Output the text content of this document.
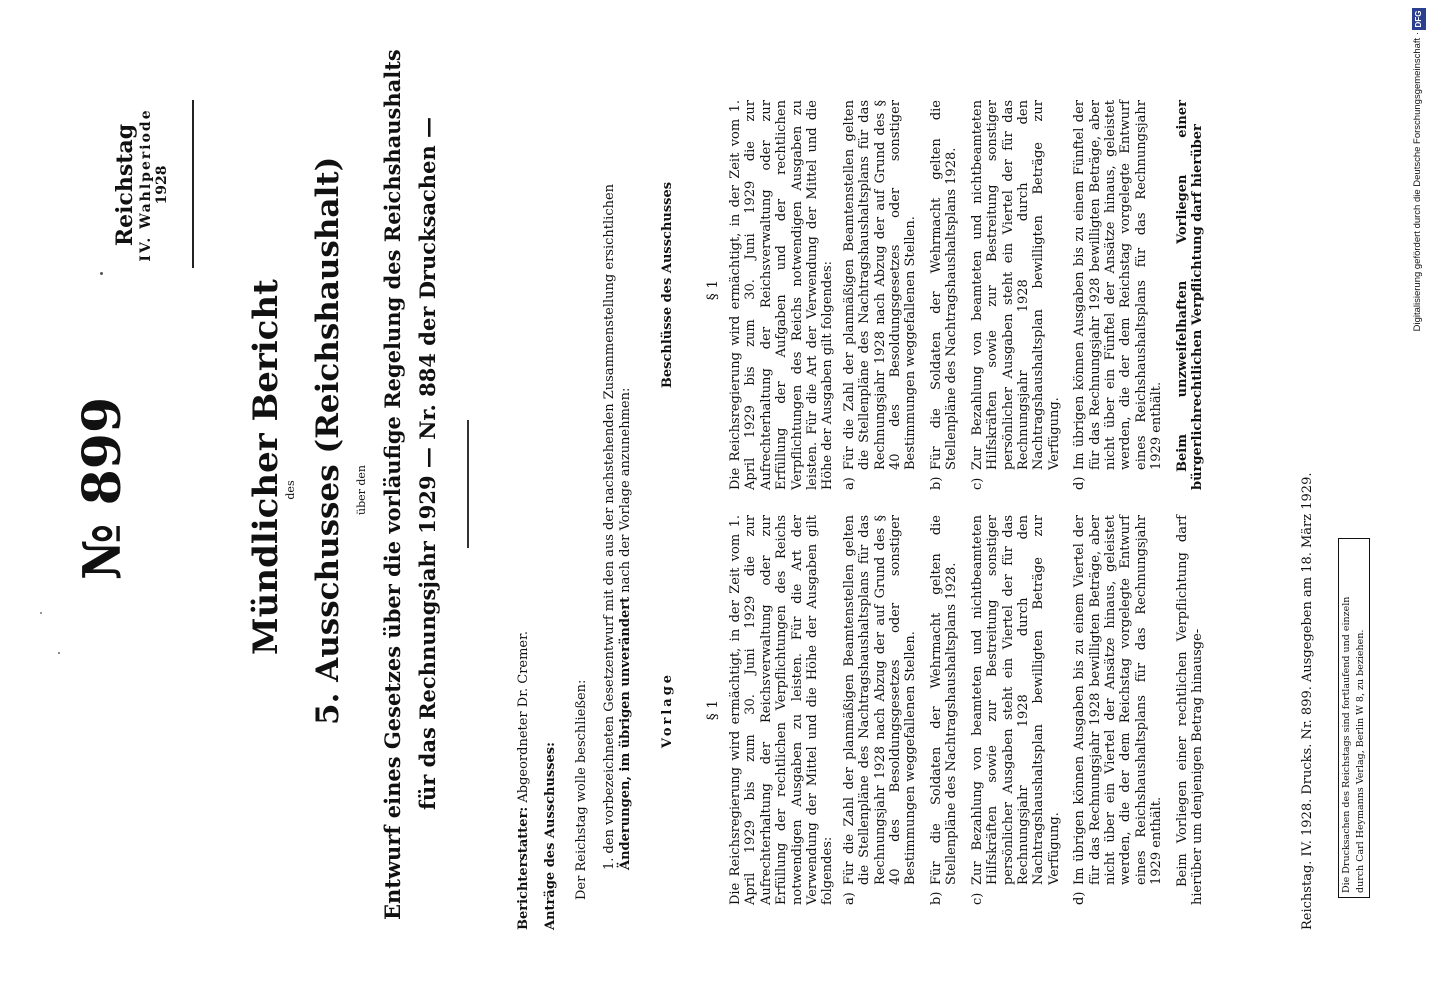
Reichstag IV. Wahlperiode 1928
№ 899	Mündlicher Bericht
des 5. Ausschusses (Reichshaushalt) über den Entwurf eines Gesetzes über die vorläufige Regelung des Reichshaushalts für das Rechnungsjahr 1929 — Nr. 884 der Drucksachen —
Berichterstatter: Abgeordneter Dr. Cremer.
Anträge des Ausschusses: Der Reichstag wolle beschließen: 1. den vorbezeichneten Gesetzentwurf mit den aus der nachstehenden Zusammenstellung ersichtlichen Änderungen, im übrigen unverändert nach der Vorlage anzunehmen:
Vorlage
Beschlüsse des Ausschusses
§ 1
§ 1

Die Reichsregierung wird ermächtigt, in der Zeit vom 1. April 1929 bis zum 30. Juni 1929 die zur Aufrechterhaltung der Reichsverwaltung oder zur Erfüllung der rechtlichen Verpflichtungen des Reichs notwendigen Ausgaben zu leisten. Für die Art der Verwendung der Mittel und die Höhe der Ausgaben gilt folgendes: a)
Für die Zahl der planmäßigen Beamtenstellen gelten die Stellenpläne des Nachtragshaushaltsplans für das Rechnungsjahr 1928 nach Abzug der auf Grund des § 40 des Besoldungsgesetzes oder sonstiger Bestimmungen weggefallenen Stellen.
b)
Für die Soldaten der Wehrmacht gelten die Stellenpläne des Nachtragshaushaltsplans 1928.
c)
Zur Bezahlung von beamteten und nichtbeamteten Hilfskräften sowie zur Bestreitung sonstiger persönlicher Ausgaben steht ein Viertel der für das Rechnungsjahr 1928 durch den Nachtragshaushaltsplan bewilligten Beträge zur Verfügung.
d)
Im übrigen können Ausgaben bis zu einem Viertel der für das Rechnungsjahr 1928 bewilligten Beträge, aber nicht über ein Viertel der Ansätze hinaus, geleistet werden, die der dem Reichstag vorgelegte Entwurf eines Reichshaushaltsplans für das Rechnungsjahr 1929 enthält. Beim Vorliegen einer rechtlichen Verpflichtung darf hierüber um denjenigen Betrag hinausge-

Die Reichsregierung wird ermächtigt, in der Zeit vom 1. April 1929 bis zum 30. Juni 1929 die zur Aufrechterhaltung der Reichsverwaltung oder zur Erfüllung der Aufgaben und der rechtlichen Verpflichtungen des Reichs notwendigen Ausgaben zu leisten. Für die Art der Verwendung der Mittel und die Höhe der Ausgaben gilt folgendes: a)
Für die Zahl der planmäßigen Beamtenstellen gelten die Stellenpläne des Nachtragshaushaltsplans für das Rechnungsjahr 1928 nach Abzug der auf Grund des § 40 des Besoldungsgesetzes oder sonstiger Bestimmungen weggefallenen Stellen.
b)
Für die Soldaten der Wehrmacht gelten die Stellenpläne des Nachtragshaushaltsplans 1928.
c)
Zur Bezahlung von beamteten und nichtbeamteten Hilfskräften sowie zur Bestreitung sonstiger persönlicher Ausgaben steht ein Viertel der für das Rechnungsjahr 1928 durch den Nachtragshaushaltsplan bewilligten Beträge zur Verfügung.
d)
Im übrigen können Ausgaben bis zu einem Fünftel der für das Rechnungsjahr 1928 bewilligten Beträge, aber nicht über ein Fünftel der Ansätze hinaus, geleistet werden, die der dem Reichstag vorgelegte Entwurf eines Reichshaushaltsplans für das Rechnungsjahr 1929 enthält. Beim unzweifelhaften Vorliegen einer bürgerlichrechtlichen Verpflichtung darf hierüber

Reichstag. IV. 1928. Drucks. Nr. 899. Ausgegeben am 18. März 1929.	Die Drucksachen des Reichstags sind fortlaufend und einzeln durch Carl Heymanns Verlag, Berlin W 8, zu beziehen.
Digitalisierung gefördert durch die Deutsche Forschungsgemeinschaft ·
DFG
